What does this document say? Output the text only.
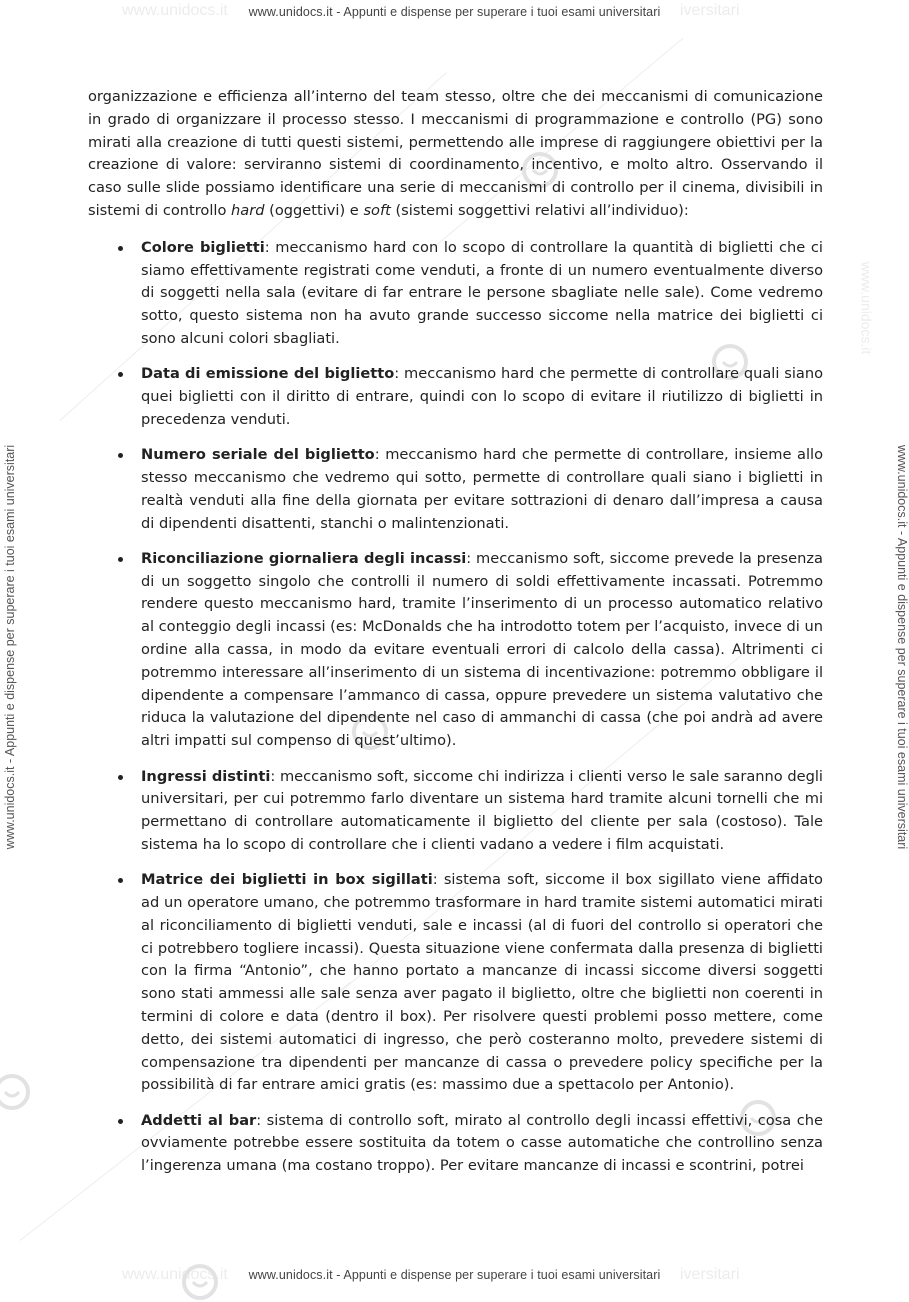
www.unidocs.it	iversitari
www.unidocs.it	iversitari
www.unidocs.it
www.unidocs.it - Appunti e dispense per superare i tuoi esami universitari
www.unidocs.it - Appunti e dispense per superare i tuoi esami universitari
www.unidocs.it - Appunti e dispense per superare i tuoi esami universitari	www.unidocs.it - Appunti e dispense per superare i tuoi esami universitari

organizzazione e efficienza all’interno del team stesso, oltre che dei meccanismi di comunicazione in grado di organizzare il processo stesso. I meccanismi di programmazione e controllo (PG) sono mirati alla creazione di tutti questi sistemi, permettendo alle imprese di raggiungere obiettivi per la creazione di valore: serviranno sistemi di coordinamento, incentivo, e molto altro. Osservando il caso sulle slide possiamo identificare una serie di meccanismi di controllo per il cinema, divisibili in sistemi di controllo hard (oggettivi) e soft (sistemi soggettivi relativi all’individuo):

Colore biglietti: meccanismo hard con lo scopo di controllare la quantità di biglietti che ci siamo effettivamente registrati come venduti, a fronte di un numero eventualmente diverso di soggetti nella sala (evitare di far entrare le persone sbagliate nelle sale). Come vedremo sotto, questo sistema non ha avuto grande successo siccome nella matrice dei biglietti ci sono alcuni colori sbagliati.
Data di emissione del biglietto: meccanismo hard che permette di controllare quali siano quei biglietti con il diritto di entrare, quindi con lo scopo di evitare il riutilizzo di biglietti in precedenza venduti.
Numero seriale del biglietto: meccanismo hard che permette di controllare, insieme allo stesso meccanismo che vedremo qui sotto, permette di controllare quali siano i biglietti in realtà venduti alla fine della giornata per evitare sottrazioni di denaro dall’impresa a causa di dipendenti disattenti, stanchi o malintenzionati.
Riconciliazione giornaliera degli incassi: meccanismo soft, siccome prevede la presenza di un soggetto singolo che controlli il numero di soldi effettivamente incassati. Potremmo rendere questo meccanismo hard, tramite l’inserimento di un processo automatico relativo al conteggio degli incassi (es: McDonalds che ha introdotto totem per l’acquisto, invece di un ordine alla cassa, in modo da evitare eventuali errori di calcolo della cassa). Altrimenti ci potremmo interessare all’inserimento di un sistema di incentivazione: potremmo obbligare il dipendente a compensare l’ammanco di cassa, oppure prevedere un sistema valutativo che riduca la valutazione del dipendente nel caso di ammanchi di cassa (che poi andrà ad avere altri impatti sul compenso di quest’ultimo).
Ingressi distinti: meccanismo soft, siccome chi indirizza i clienti verso le sale saranno degli universitari, per cui potremmo farlo diventare un sistema hard tramite alcuni tornelli che mi permettano di controllare automaticamente il biglietto del cliente per sala (costoso). Tale sistema ha lo scopo di controllare che i clienti vadano a vedere i film acquistati.
Matrice dei biglietti in box sigillati: sistema soft, siccome il box sigillato viene affidato ad un operatore umano, che potremmo trasformare in hard tramite sistemi automatici mirati al riconciliamento di biglietti venduti, sale e incassi (al di fuori del controllo si operatori che ci potrebbero togliere incassi). Questa situazione viene confermata dalla presenza di biglietti con la firma “Antonio”, che hanno portato a mancanze di incassi siccome diversi soggetti sono stati ammessi alle sale senza aver pagato il biglietto, oltre che biglietti non coerenti in termini di colore e data (dentro il box). Per risolvere questi problemi posso mettere, come detto, dei sistemi automatici di ingresso, che però costeranno molto, prevedere sistemi di compensazione tra dipendenti per mancanze di cassa o prevedere policy specifiche per la possibilità di far entrare amici gratis (es: massimo due a spettacolo per Antonio).
Addetti al bar: sistema di controllo soft, mirato al controllo degli incassi effettivi, cosa che ovviamente potrebbe essere sostituita da totem o casse automatiche che controllino senza l’ingerenza umana (ma costano troppo). Per evitare mancanze di incassi e scontrini, potrei
